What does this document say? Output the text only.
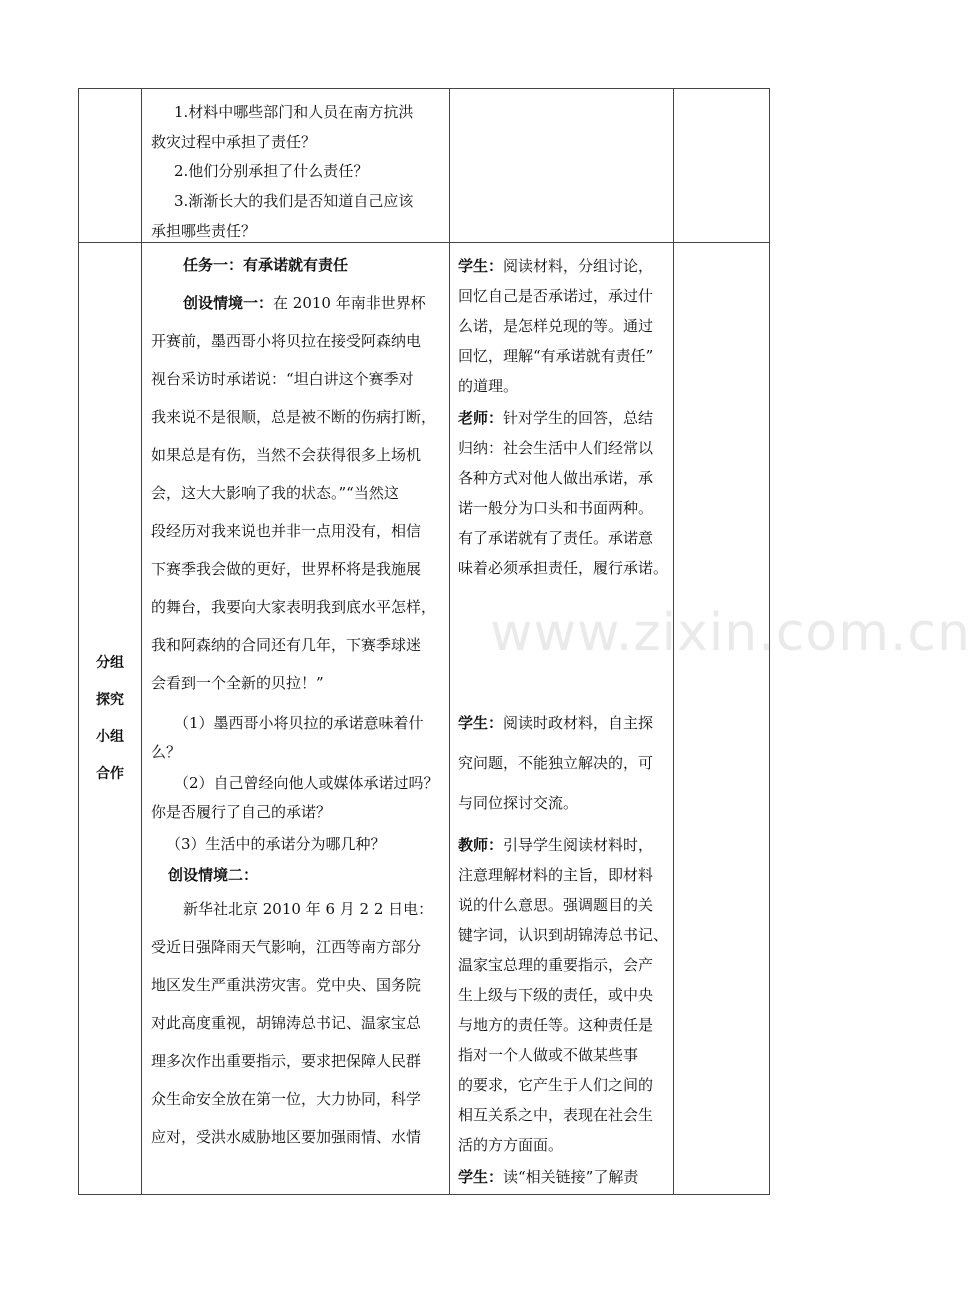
1.材料中哪些部门和人员在南方抗洪
救灾过程中承担了责任？
2.他们分别承担了什么责任？
3.渐渐长大的我们是否知道自己应该
承担哪些责任？
分组
探究
小组
合作
任务一：有承诺就有责任
创设情境一：在 2010 年南非世界杯
开赛前，墨西哥小将贝拉在接受阿森纳电
视台采访时承诺说：“坦白讲这个赛季对
我来说不是很顺，总是被不断的伤病打断，
如果总是有伤，当然不会获得很多上场机
会，这大大影响了我的状态。”“当然这
段经历对我来说也并非一点用没有，相信
下赛季我会做的更好，世界杯将是我施展
的舞台，我要向大家表明我到底水平怎样，
我和阿森纳的合同还有几年，下赛季球迷
会看到一个全新的贝拉！”
（1）墨西哥小将贝拉的承诺意味着什
么？
（2）自己曾经向他人或媒体承诺过吗？
你是否履行了自己的承诺？
（3）生活中的承诺分为哪几种？
创设情境二：
新华社北京 2010 年 6 月 2 2 日电：
受近日强降雨天气影响，江西等南方部分
地区发生严重洪涝灾害。党中央、国务院
对此高度重视，胡锦涛总书记、温家宝总
理多次作出重要指示，要求把保障人民群
众生命安全放在第一位，大力协同，科学
应对，受洪水威胁地区要加强雨情、水情
学生：阅读材料，分组讨论，
回忆自己是否承诺过，承过什
么诺，是怎样兑现的等。通过
回忆，理解“有承诺就有责任”
的道理。
老师：针对学生的回答，总结
归纳：社会生活中人们经常以
各种方式对他人做出承诺，承
诺一般分为口头和书面两种。
有了承诺就有了责任。承诺意
味着必须承担责任，履行承诺。
学生：阅读时政材料，自主探
究问题，不能独立解决的，可
与同位探讨交流。
教师：引导学生阅读材料时，
注意理解材料的主旨，即材料
说的什么意思。强调题目的关
键字词，认识到胡锦涛总书记、
温家宝总理的重要指示，会产
生上级与下级的责任，或中央
与地方的责任等。这种责任是
指对一个人做或不做某些事
的要求，它产生于人们之间的
相互关系之中，表现在社会生
活的方方面面。
学生：读“相关链接”了解责
www.zixin.com.cn
